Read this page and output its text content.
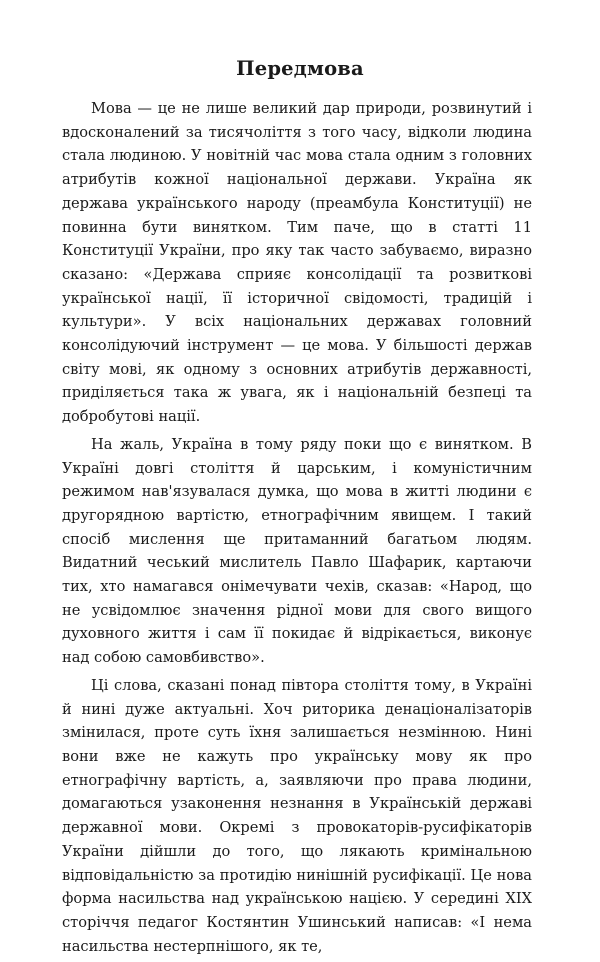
Передмова

Мова — це не лише великий дар природи, розвинутий і вдосконалений за тисячоліття з того часу, відколи людина стала людиною. У новітній час мова стала одним з головних атрибутів кожної національної держави. Україна як держава українського народу (преамбула Конституції) не повинна бути винятком. Тим паче, що в статті 11 Конституції України, про яку так часто забуваємо, виразно сказано: «Держава сприяє консолідації та розвиткові української нації, її історичної свідомості, традицій і культури». У всіх національних державах головний консолідуючий інструмент — це мова. У більшості держав світу мові, як одному з основних атрибутів державності, приділяється така ж увага, як і національній безпеці та добробутові нації.

На жаль, Україна в тому ряду поки що є винятком. В Україні довгі століття й царським, і комуністичним режимом нав'язувалася думка, що мова в житті людини є другорядною вартістю, етнографічним явищем. І такий спосіб мислення ще притаманний багатьом людям. Видатний чеський мислитель Павло Шафарик, картаючи тих, хто намагався онімечувати чехів, сказав: «Народ, що не усвідомлює значення рідної мови для свого вищого духовного життя і сам її покидає й відрікається, виконує над собою самовбивство».

Ці слова, сказані понад півтора століття тому, в Україні й нині дуже актуальні. Хоч риторика денаціоналізаторів змінилася, проте суть їхня залишається незмінною. Нині вони вже не кажуть про українську мову як про етнографічну вартість, а, заявляючи про права людини, домагаються узаконення незнання в Українській державі державної мови. Окремі з провокаторів-русифікаторів України дійшли до того, що лякають кримінальною відповідальністю за протидію нинішній русифікації. Це нова форма насильства над українською нацією. У середині ХІХ сторіччя педагог Костянтин Ушинський написав: «І нема насильства нестерпнішого, як те,
